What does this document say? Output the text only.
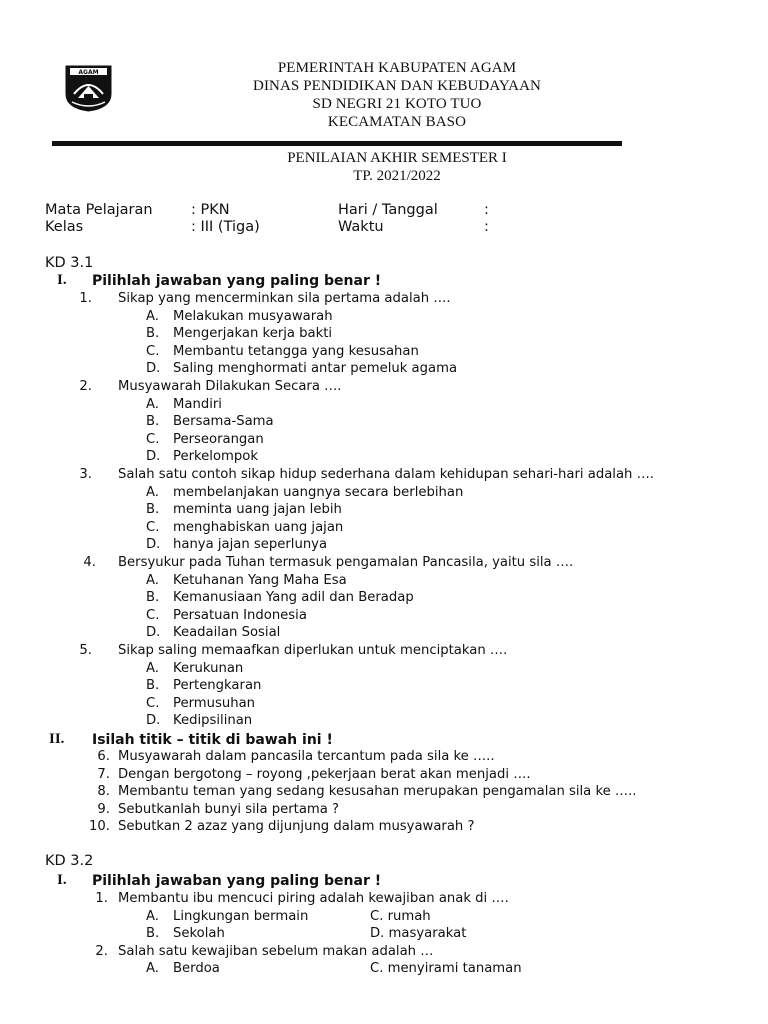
AGAM	PEMERINTAH KABUPATEN AGAM
DINAS PENDIDIKAN DAN KEBUDAYAAN
SD NEGRI 21 KOTO TUO
KECAMATAN BASO
PENILAIAN AKHIR SEMESTER I
TP. 2021/2022
Mata Pelajaran	: PKN	Hari / Tanggal	:
Kelas	: III (Tiga)	Waktu	:
KD 3.1
I. Pilihlah jawaban yang paling benar !
1. Sikap yang mencerminkan sila pertama adalah ….
A. Melakukan musyawarah
B. Mengerjakan kerja bakti
C. Membantu tetangga yang kesusahan
D. Saling menghormati antar pemeluk agama
2. Musyawarah Dilakukan Secara ….
A. Mandiri
B. Bersama-Sama
C. Perseorangan
D. Perkelompok
3. Salah satu contoh sikap hidup sederhana dalam kehidupan sehari-hari adalah ….
A. membelanjakan uangnya secara berlebihan
B. meminta uang jajan lebih
C. menghabiskan uang jajan
D. hanya jajan seperlunya
4. Bersyukur pada Tuhan termasuk pengamalan Pancasila, yaitu sila ….
A. Ketuhanan Yang Maha Esa
B. Kemanusiaan Yang adil dan Beradap
C. Persatuan Indonesia
D. Keadailan Sosial
5. Sikap saling memaafkan diperlukan untuk menciptakan ….
A. Kerukunan
B. Pertengkaran
C. Permusuhan
D. Kedipsilinan
II. Isilah titik – titik di bawah ini !
6. Musyawarah dalam pancasila tercantum pada sila ke …..
7. Dengan bergotong – royong ,pekerjaan berat akan menjadi ….
8. Membantu teman yang sedang kesusahan merupakan pengamalan sila ke …..
9. Sebutkanlah bunyi sila pertama ?
10. Sebutkan 2 azaz yang dijunjung dalam musyawarah ?
KD 3.2
I. Pilihlah jawaban yang paling benar !
1. Membantu ibu mencuci piring adalah kewajiban anak di ….
A. Lingkungan bermain	C. rumah
B. Sekolah	D. masyarakat
2. Salah satu kewajiban sebelum makan adalah …
A. Berdoa	C. menyirami tanaman
